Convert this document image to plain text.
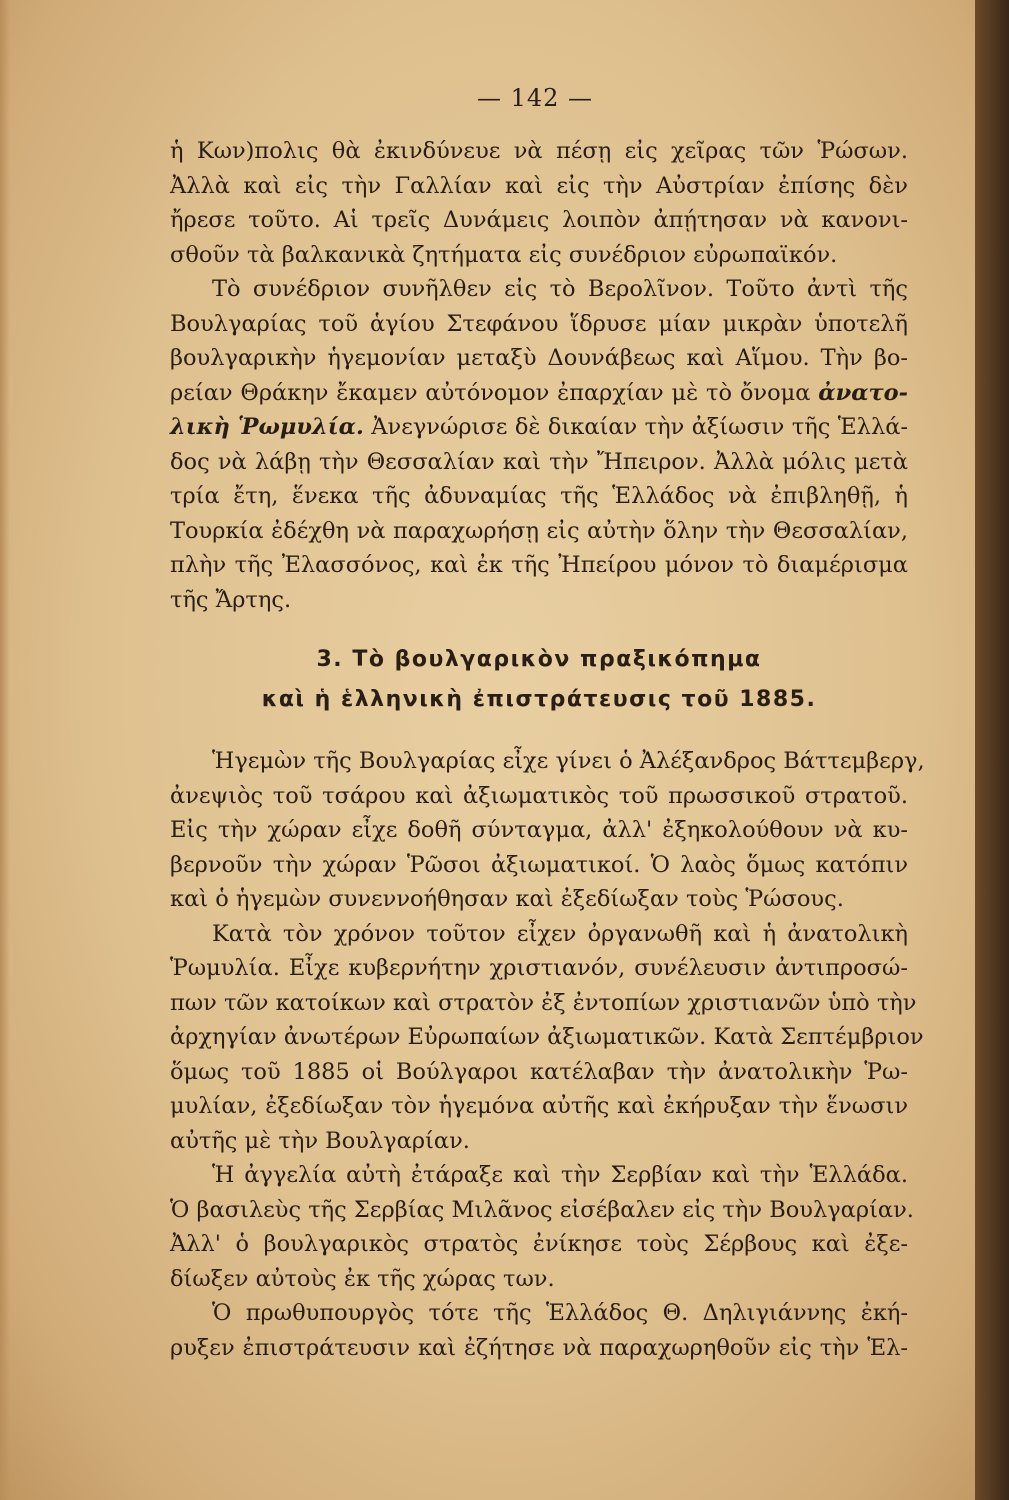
— 142 —

ἡ Κων)πολις θὰ ἐκινδύνευε νὰ πέσῃ εἰς χεῖρας τῶν Ῥώσων.
Ἀλλὰ καὶ εἰς τὴν Γαλλίαν καὶ εἰς τὴν Αὐστρίαν ἐπίσης δὲν
ἤρεσε τοῦτο. Αἱ τρεῖς Δυνάμεις λοιπὸν ἀπῄτησαν νὰ κανονι-
σθοῦν τὰ βαλκανικὰ ζητήματα εἰς συνέδριον εὐρωπαϊκόν.

Τὸ συνέδριον συνῆλθεν εἰς τὸ Βερολῖνον. Τοῦτο ἀντὶ τῆς
Βουλγαρίας τοῦ ἁγίου Στεφάνου ἵδρυσε μίαν μικρὰν ὑποτελῆ
βουλγαρικὴν ἡγεμονίαν μεταξὺ Δουνάβεως καὶ Αἵμου. Τὴν βο-
ρείαν Θράκην ἔκαμεν αὐτόνομον ἐπαρχίαν μὲ τὸ ὄνομα ἀνατο-
λικὴ Ῥωμυλία. Ἀνεγνώρισε δὲ δικαίαν τὴν ἀξίωσιν τῆς Ἑλλά-
δος νὰ λάβῃ τὴν Θεσσαλίαν καὶ τὴν Ἤπειρον. Ἀλλὰ μόλις μετὰ
τρία ἔτη, ἕνεκα τῆς ἀδυναμίας τῆς Ἑλλάδος νὰ ἐπιβληθῇ, ἡ
Τουρκία ἐδέχθη νὰ παραχωρήσῃ εἰς αὐτὴν ὅλην τὴν Θεσσαλίαν,
πλὴν τῆς Ἐλασσόνος, καὶ ἐκ τῆς Ἠπείρου μόνον τὸ διαμέρισμα
τῆς Ἄρτης.

3. Τὸ βουλγαρικὸν πραξικόπημα
καὶ ἡ ἑλληνικὴ ἐπιστράτευσις τοῦ 1885.

Ἡγεμὼν τῆς Βουλγαρίας εἶχε γίνει ὁ Ἀλέξανδρος Βάττεμβεργ,
ἀνεψιὸς τοῦ τσάρου καὶ ἀξιωματικὸς τοῦ πρωσσικοῦ στρατοῦ.
Εἰς τὴν χώραν εἶχε δοθῆ σύνταγμα, ἀλλ' ἐξηκολούθουν νὰ κυ-
βερνοῦν τὴν χώραν Ῥῶσοι ἀξιωματικοί. Ὁ λαὸς ὅμως κατόπιν
καὶ ὁ ἡγεμὼν συνεννοήθησαν καὶ ἐξεδίωξαν τοὺς Ῥώσους.

Κατὰ τὸν χρόνον τοῦτον εἶχεν ὀργανωθῆ καὶ ἡ ἀνατολικὴ
Ῥωμυλία. Εἶχε κυβερνήτην χριστιανόν, συνέλευσιν ἀντιπροσώ-
πων τῶν κατοίκων καὶ στρατὸν ἐξ ἐντοπίων χριστιανῶν ὑπὸ τὴν
ἀρχηγίαν ἀνωτέρων Εὐρωπαίων ἀξιωματικῶν. Κατὰ Σεπτέμβριον
ὅμως τοῦ 1885 οἱ Βούλγαροι κατέλαβαν τὴν ἀνατολικὴν Ῥω-
μυλίαν, ἐξεδίωξαν τὸν ἡγεμόνα αὐτῆς καὶ ἐκήρυξαν τὴν ἕνωσιν
αὐτῆς μὲ τὴν Βουλγαρίαν.

Ἡ ἀγγελία αὐτὴ ἐτάραξε καὶ τὴν Σερβίαν καὶ τὴν Ἑλλάδα.
Ὁ βασιλεὺς τῆς Σερβίας Μιλᾶνος εἰσέβαλεν εἰς τὴν Βουλγαρίαν.
Ἀλλ' ὁ βουλγαρικὸς στρατὸς ἐνίκησε τοὺς Σέρβους καὶ ἐξε-
δίωξεν αὐτοὺς ἐκ τῆς χώρας των.

Ὁ πρωθυπουργὸς τότε τῆς Ἑλλάδος Θ. Δηλιγιάννης ἐκή-
ρυξεν ἐπιστράτευσιν καὶ ἐζήτησε νὰ παραχωρηθοῦν εἰς τὴν Ἑλ-
